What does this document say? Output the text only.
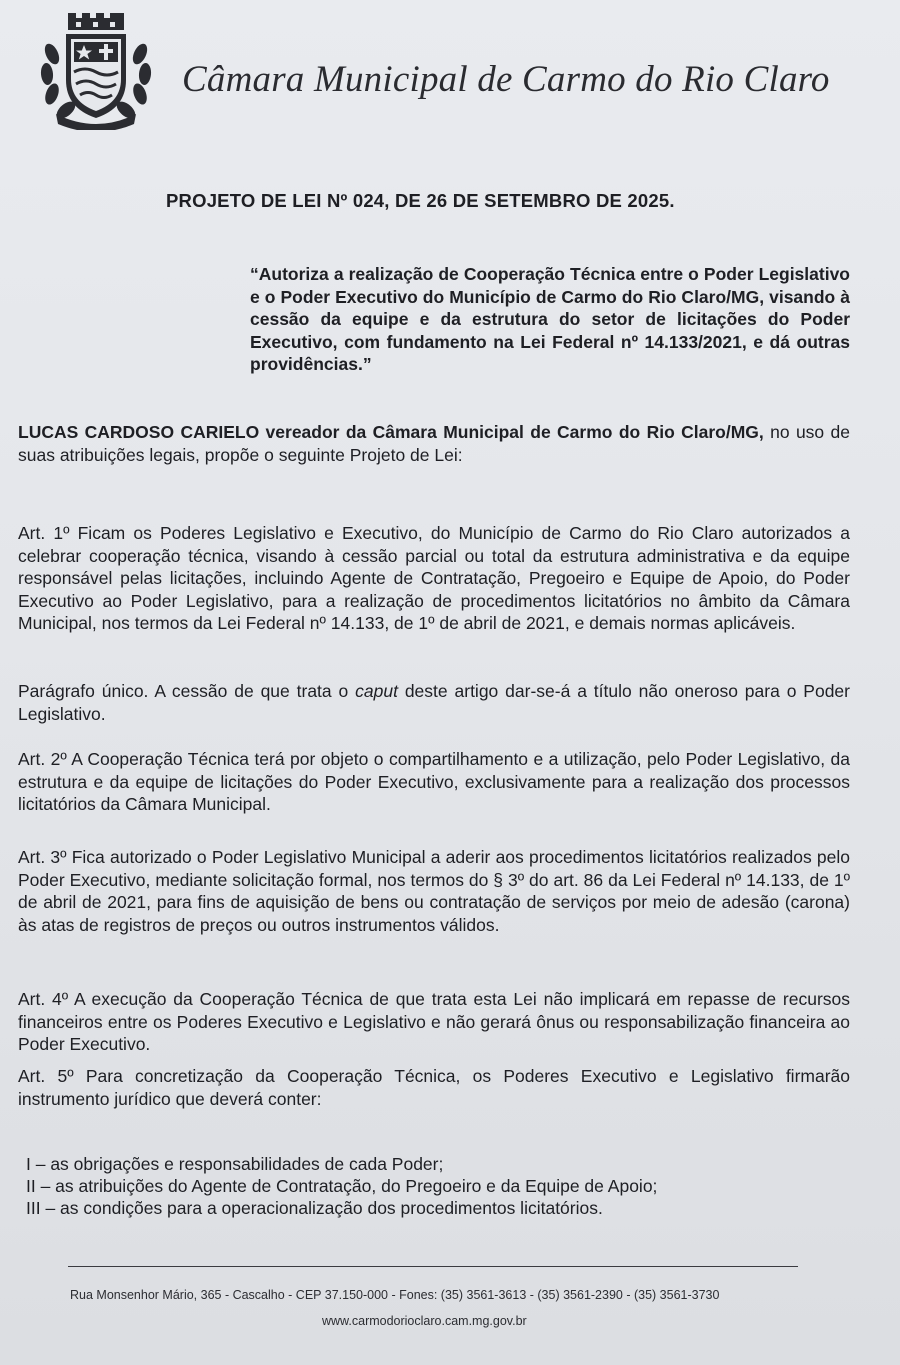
Câmara Municipal de Carmo do Rio Claro
PROJETO DE LEI Nº 024, DE 26 DE SETEMBRO DE 2025.
“Autoriza a realização de Cooperação Técnica entre o Poder Legislativo e o Poder Executivo do Município de Carmo do Rio Claro/MG, visando à cessão da equipe e da estrutura do setor de licitações do Poder Executivo, com fundamento na Lei Federal nº 14.133/2021, e dá outras providências.”
LUCAS CARDOSO CARIELO vereador da Câmara Municipal de Carmo do Rio Claro/MG, no uso de suas atribuições legais, propõe o seguinte Projeto de Lei:
Art. 1º Ficam os Poderes Legislativo e Executivo, do Município de Carmo do Rio Claro autorizados a celebrar cooperação técnica, visando à cessão parcial ou total da estrutura administrativa e da equipe responsável pelas licitações, incluindo Agente de Contratação, Pregoeiro e Equipe de Apoio, do Poder Executivo ao Poder Legislativo, para a realização de procedimentos licitatórios no âmbito da Câmara Municipal, nos termos da Lei Federal nº 14.133, de 1º de abril de 2021, e demais normas aplicáveis.
Parágrafo único. A cessão de que trata o caput deste artigo dar-se-á a título não oneroso para o Poder Legislativo.
Art. 2º A Cooperação Técnica terá por objeto o compartilhamento e a utilização, pelo Poder Legislativo, da estrutura e da equipe de licitações do Poder Executivo, exclusivamente para a realização dos processos licitatórios da Câmara Municipal.
Art. 3º Fica autorizado o Poder Legislativo Municipal a aderir aos procedimentos licitatórios realizados pelo Poder Executivo, mediante solicitação formal, nos termos do § 3º do art. 86 da Lei Federal nº 14.133, de 1º de abril de 2021, para fins de aquisição de bens ou contratação de serviços por meio de adesão (carona) às atas de registros de preços ou outros instrumentos válidos.
Art. 4º A execução da Cooperação Técnica de que trata esta Lei não implicará em repasse de recursos financeiros entre os Poderes Executivo e Legislativo e não gerará ônus ou responsabilização financeira ao Poder Executivo.
Art. 5º Para concretização da Cooperação Técnica, os Poderes Executivo e Legislativo firmarão instrumento jurídico que deverá conter:
I – as obrigações e responsabilidades de cada Poder;
II – as atribuições do Agente de Contratação, do Pregoeiro e da Equipe de Apoio;
III – as condições para a operacionalização dos procedimentos licitatórios.
Rua Monsenhor Mário, 365 - Cascalho - CEP 37.150-000 - Fones: (35) 3561-3613 - (35) 3561-2390 - (35) 3561-3730
www.carmodorioclaro.cam.mg.gov.br
